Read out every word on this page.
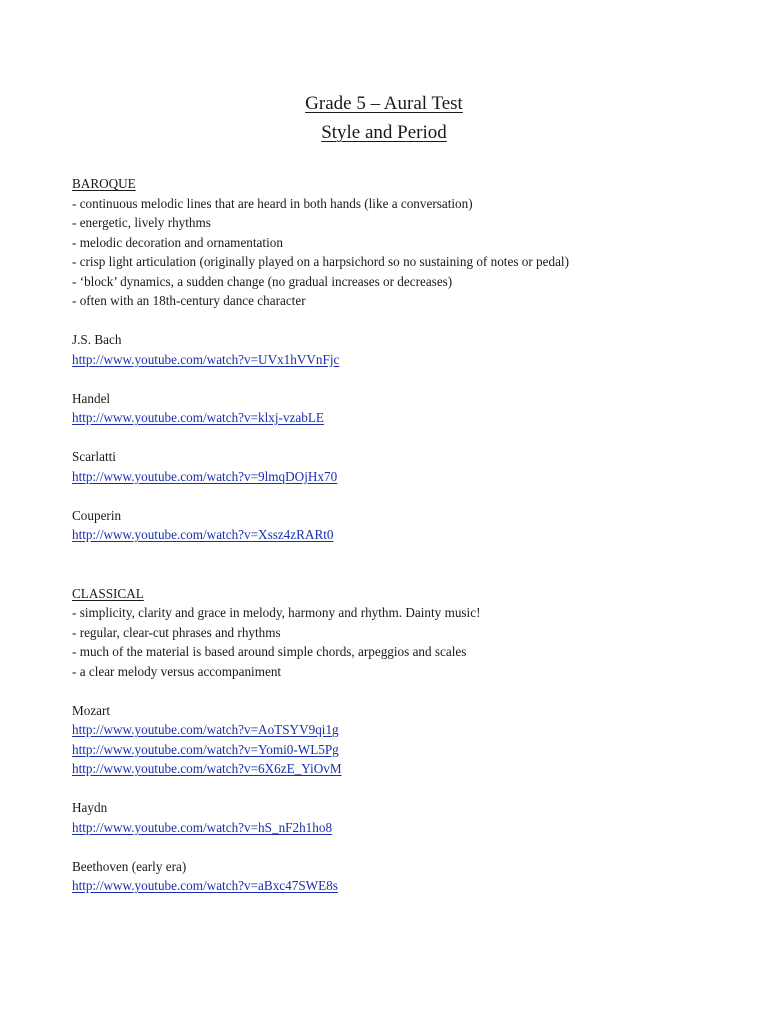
Grade 5 – Aural Test

Style and Period

BAROQUE

- continuous melodic lines that are heard in both hands (like a conversation)
- energetic, lively rhythms
- melodic decoration and ornamentation
- crisp light articulation (originally played on a harpsichord so no sustaining of notes or pedal)
- ‘block’ dynamics, a sudden change (no gradual increases or decreases)
- often with an 18th-century dance character

J.S. Bach

http://www.youtube.com/watch?v=UVx1hVVnFjc

Handel

http://www.youtube.com/watch?v=klxj-vzabLE

Scarlatti

http://www.youtube.com/watch?v=9lmqDOjHx70

Couperin

http://www.youtube.com/watch?v=Xssz4zRARt0

CLASSICAL

- simplicity, clarity and grace in melody, harmony and rhythm. Dainty music!
- regular, clear-cut phrases and rhythms
- much of the material is based around simple chords, arpeggios and scales
- a clear melody versus accompaniment

Mozart

http://www.youtube.com/watch?v=AoTSYV9qi1g
http://www.youtube.com/watch?v=Yomi0-WL5Pg
http://www.youtube.com/watch?v=6X6zE_YiOvM

Haydn

http://www.youtube.com/watch?v=hS_nF2h1ho8

Beethoven (early era)

http://www.youtube.com/watch?v=aBxc47SWE8s
